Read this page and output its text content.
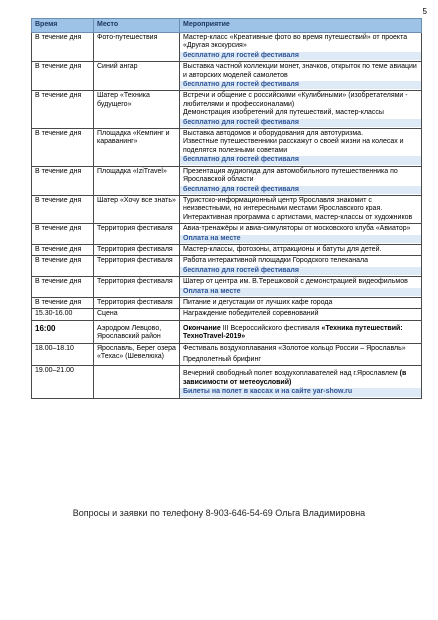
5
Время	Место	Мероприятие
В течение дня	Фото-путешествия	Мастер-класс «Креативные фото во время путешествий» от проекта «Другая экскурсия»
бесплатно для гостей фестиваля

В течение дня	Синий ангар	Выставка частной коллекции монет, значков, открыток по теме авиации и авторских моделей самолетов
бесплатно для гостей фестиваля

В течение дня	Шатер «Техника будущего»	Встречи и общение с российскими «Кулибиными» (изобретателями - любителями и профессионалами)
Демонстрация изобретений для путешествий, мастер-классы
бесплатно для гостей фестиваля

В течение дня	Площадка «Кемпинг и караванинг»	Выставка автодомов и оборудования для автотуризма.
Известные путешественники расскажут о своей жизни на колесах и поделятся полезными советами
бесплатно для гостей фестиваля

В течение дня	Площадка «IziTravel»	Презентация аудиогида для автомобильного путешественника по Ярославской области
бесплатно для гостей фестиваля

В течение дня	Шатер «Хочу все знать»	Туристско-информационный центр Ярославля знакомит с неизвестными, но интересными местами Ярославского края.
Интерактивная программа с артистами, мастер-классы от художников

В течение дня	Территория фестиваля	Авиа-тренажёры и авиа-симуляторы от московского клуба «Авиатор»
Оплата на месте

В течение дня	Территория фестиваля	Мастер-классы, фотозоны, аттракционы и батуты для детей.

В течение дня	Территория фестиваля	Работа интерактивной площадки Городского телеканала
бесплатно для гостей фестиваля

В течение дня	Территория фестиваля	Шатер от центра им. В.Терешковой с демонстрацией видеофильмов
Оплата на месте

В течение дня	Территория фестиваля	Питание и дегустации от лучших кафе города

15.30-16.00	Сцена	Награждение победителей соревнований
16:00	Аэродром Левцово, Ярославский район	Окончание III Всероссийского фестиваля «Техника путешествий: ТехноTravel-2019»
18.00–18.10	Ярославль, Берег озера «Техас» (Шевелюха)	Фестиваль воздухоплавания «Золотое кольцо России – Ярославль»
Предполетный брифинг

19.00–21.00		Вечерний свободный полет воздухоплавателей над г.Ярославлем (в зависимости от метеоусловий)
Билеты на полет в кассах и на сайте yar-show.ru
Вопросы и заявки по телефону 8-903-646-54-69 Ольга Владимировна
